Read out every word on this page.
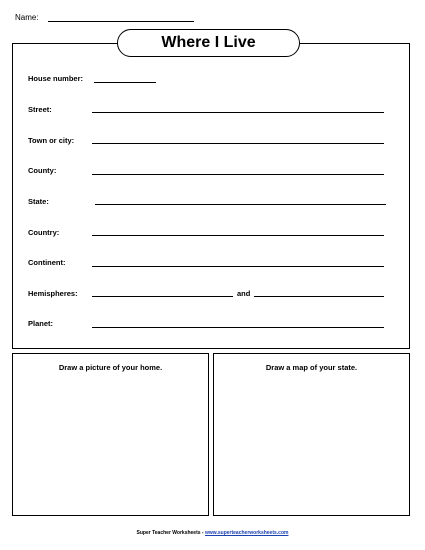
Name:
Where I Live
House number:
Street:
Town or city:
County:
State:
Country:
Continent:
Hemispheres:	and
Planet:
Draw a picture of your home.	Draw a map of your state.
Super Teacher Worksheets - www.superteacherworksheets.com
